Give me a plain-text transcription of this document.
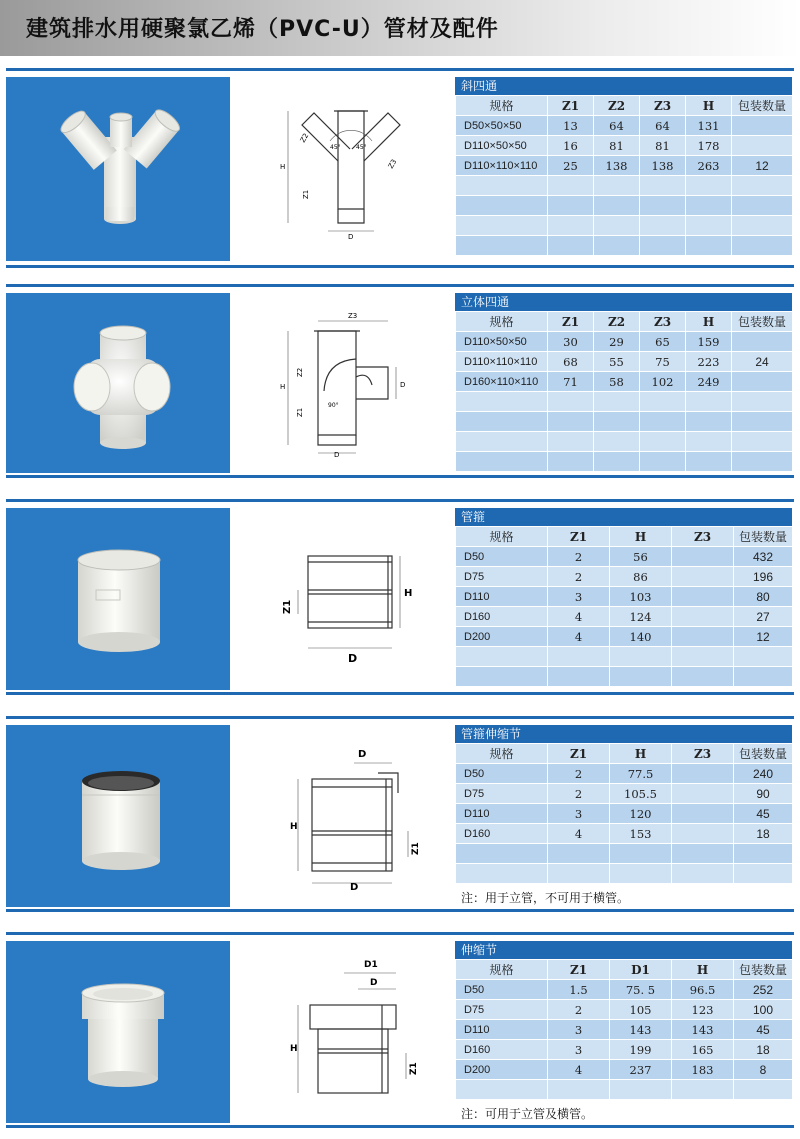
建筑排水用硬聚氯乙烯（PVC-U）管材及配件
H
Z1
Z2
Z3
D
45°	45°
斜四通
规格	Z1	Z2	Z3	H	包装数量
D50×50×50	13	64	64	131	
D110×50×50	16	81	81	178	
D110×110×110	25	138	138	263	12

H
Z1
Z2
Z3
D
D
90°
立体四通
规格	Z1	Z2	Z3	H	包装数量
D110×50×50	30	29	65	159	
D110×110×110	68	55	75	223	24
D160×110×110	71	58	102	249	

H
Z1
D
管箍
规格	Z1	H	Z3	包装数量
D50	2	56		432
D75	2	86		196
D110	3	103		80
D160	4	124		27
D200	4	140		12

H
Z1
D
D
管箍伸缩节
规格	Z1	H	Z3	包装数量
D50	2	77.5		240
D75	2	105.5		90
D110	3	120		45
D160	4	153		18

注：用于立管，不可用于横管。
H
Z1
D1
D
伸缩节
规格	Z1	D1	H	包装数量
D50	1.5	75. 5	96.5	252
D75	2	105	123	100
D110	3	143	143	45
D160	3	199	165	18
D200	4	237	183	8

注：可用于立管及横管。
